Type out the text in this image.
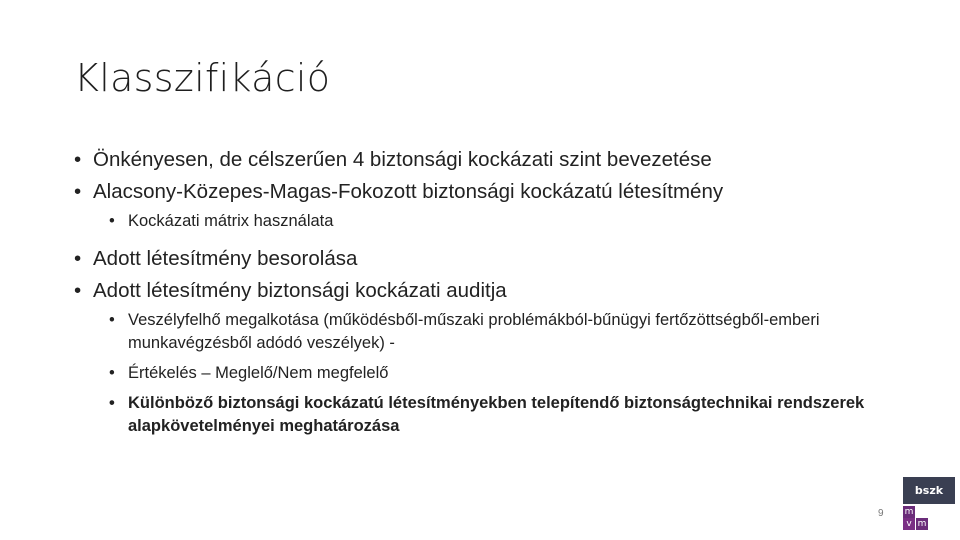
Klasszifikáció
• Önkényesen, de célszerűen 4 biztonsági kockázati szint bevezetése
• Alacsony-Közepes-Magas-Fokozott biztonsági kockázatú létesítmény
• Kockázati mátrix használata
• Adott létesítmény besorolása
• Adott létesítmény biztonsági kockázati auditja
• Veszélyfelhő megalkotása (működésből-műszaki problémákból-bűnügyi fertőzöttségből-emberi munkavégzésből adódó veszélyek) -
• Értékelés – Meglelő/Nem megfelelő
• Különböző biztonsági kockázatú létesítményekben telepítendő biztonságtechnikai rendszerek alapkövetelményei meghatározása
9
bszk
m
v m
